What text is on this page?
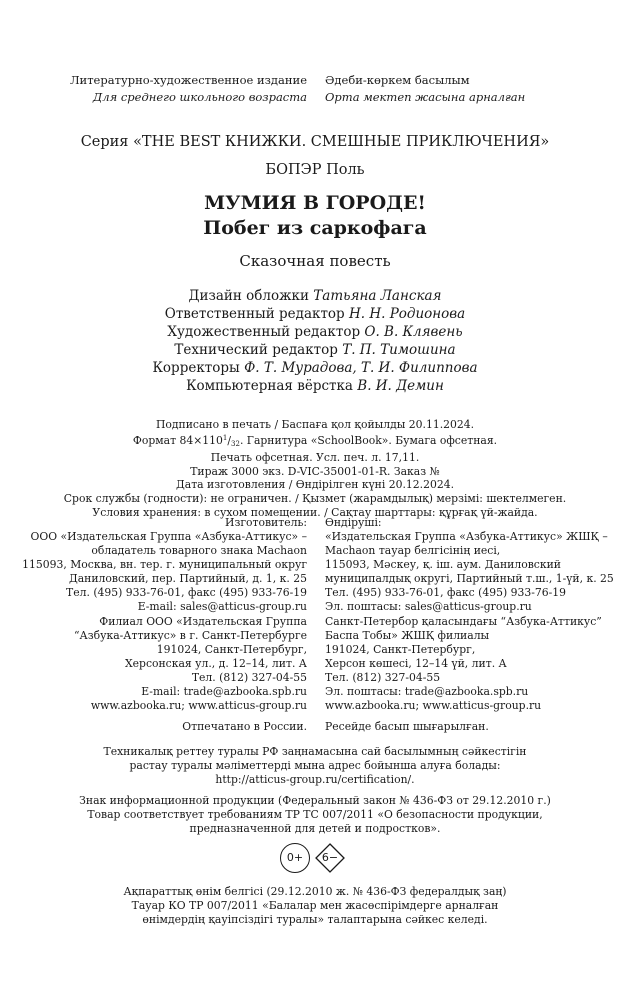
Литературно-художественное издание
Для среднего школьного возраста
Әдеби-көркем басылым
Орта мектеп жасына арналған
Серия «THE BEST КНИЖКИ. СМЕШНЫЕ ПРИКЛЮЧЕНИЯ»
БОПЭР Поль
МУМИЯ В ГОРОДЕ!
Побег из саркофага
Сказочная повесть
Дизайн обложки Татьяна Ланская
Ответственный редактор Н. Н. Родионова
Художественный редактор О. В. Клявень
Технический редактор Т. П. Тимошина
Корректоры Ф. Т. Мурадова, Т. И. Филиппова
Компьютерная вёрстка В. И. Демин
Подписано в печать / Баспаға қол қойылды 20.11.2024.
Формат $84\times 110^1/_{32}$. Гарнитура «SchoolBook». Бумага офсетная.
Печать офсетная. Усл. печ. л. 17,11.
Тираж 3000 экз. D-VIC-35001-01-R. Заказ №
Дата изготовления / Өндірілген күні 20.12.2024.
Срок службы (годности): не ограничен. / Қызмет (жарамдылық) мерзімі: шектелмеген.
Условия хранения: в сухом помещении. / Сақтау шарттары: құрғақ үй-жайда.
Изготовитель:
ООО «Издательская Группа «Азбука-Аттикус» –
обладатель товарного знака Machaon
115093, Москва, вн. тер. г. муниципальный округ
Даниловский, пер. Партийный, д. 1, к. 25
Тел. (495) 933-76-01, факс (495) 933-76-19
E-mail: sales@atticus-group.ru
Өндіруші:
«Издательская Группа «Азбука-Аттикус» ЖШҚ –
Machaon тауар белгісінің иесі,
115093, Мәскеу, қ. іш. аум. Даниловский
муниципалдық округі, Партийный т.ш., 1-үй, к. 25
Тел. (495) 933-76-01, факс (495) 933-76-19
Эл. поштасы: sales@atticus-group.ru
Филиал ООО «Издательская Группа
“Азбука-Аттикус» в г. Санкт-Петербурге
191024, Санкт-Петербург,
Херсонская ул., д. 12–14, лит. А
Тел. (812) 327-04-55
E-mail: trade@azbooka.spb.ru
Санкт-Петербор қаласындағы “Азбука-Аттикус”
Баспа Тобы» ЖШҚ филиалы
191024, Санкт-Петербург,
Херсон көшесі, 12–14 үй, лит. А
Тел. (812) 327-04-55
Эл. поштасы: trade@azbooka.spb.ru
www.azbooka.ru; www.atticus-group.ru www.azbooka.ru; www.atticus-group.ru
Отпечатано в России. Ресейде басып шығарылған.
Техникалық реттеу туралы РФ заңнамасына сай басылымның сәйкестігін
растау туралы мәліметтерді мына адрес бойынша алуға болады:
http://atticus-group.ru/certification/.
Знак информационной продукции (Федеральный закон № 436-ФЗ от 29.12.2010 г.)
Товар соответствует требованиям ТР ТС 007/2011 «О безопасности продукции,
предназначенной для детей и подростков».
0+	6−
Ақпараттық өнім белгісі (29.12.2010 ж. № 436-ФЗ федералдық заң)
Тауар КО ТР 007/2011 «Балалар мен жасөспірімдерге арналған
өнімдердің қауіпсіздігі туралы» талаптарына сәйкес келеді.
